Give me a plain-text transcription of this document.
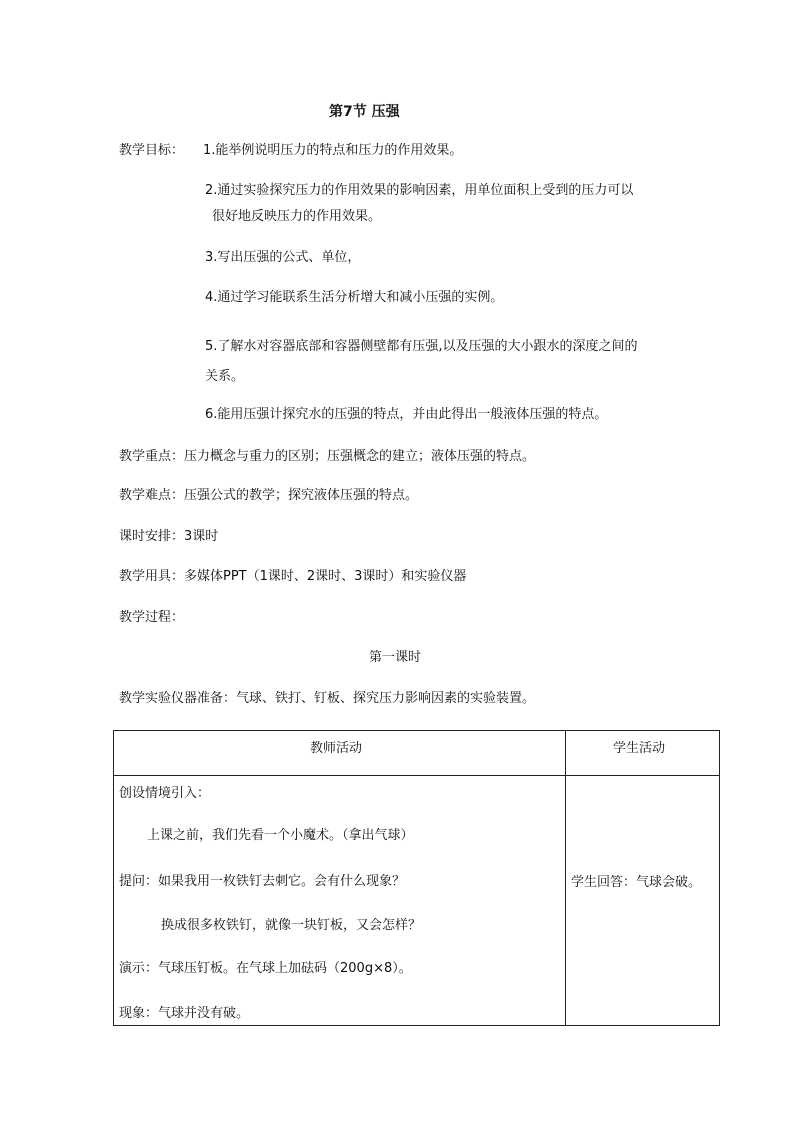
第7节 压强
教学目标： 1.能举例说明压力的特点和压力的作用效果。
2.通过实验探究压力的作用效果的影响因素，用单位面积上受到的压力可以
很好地反映压力的作用效果。
3.写出压强的公式、单位，
4.通过学习能联系生活分析增大和减小压强的实例。
5.了解水对容器底部和容器侧壁都有压强,以及压强的大小跟水的深度之间的
关系。
6.能用压强计探究水的压强的特点，并由此得出一般液体压强的特点。
教学重点：压力概念与重力的区别；压强概念的建立；液体压强的特点。
教学难点：压强公式的教学；探究液体压强的特点。
课时安排：3课时
教学用具：多媒体PPT（1课时、2课时、3课时）和实验仪器
教学过程：
第一课时
教学实验仪器准备：气球、铁打、钉板、探究压力影响因素的实验装置。
教师活动	学生活动
创设情境引入：
上课之前，我们先看一个小魔术。（拿出气球）
提问：如果我用一枚铁钉去刺它。会有什么现象？
换成很多枚铁钉，就像一块钉板，又会怎样？
演示：气球压钉板。在气球上加砝码（200g×8）。
现象：气球并没有破。
学生回答：气球会破。
